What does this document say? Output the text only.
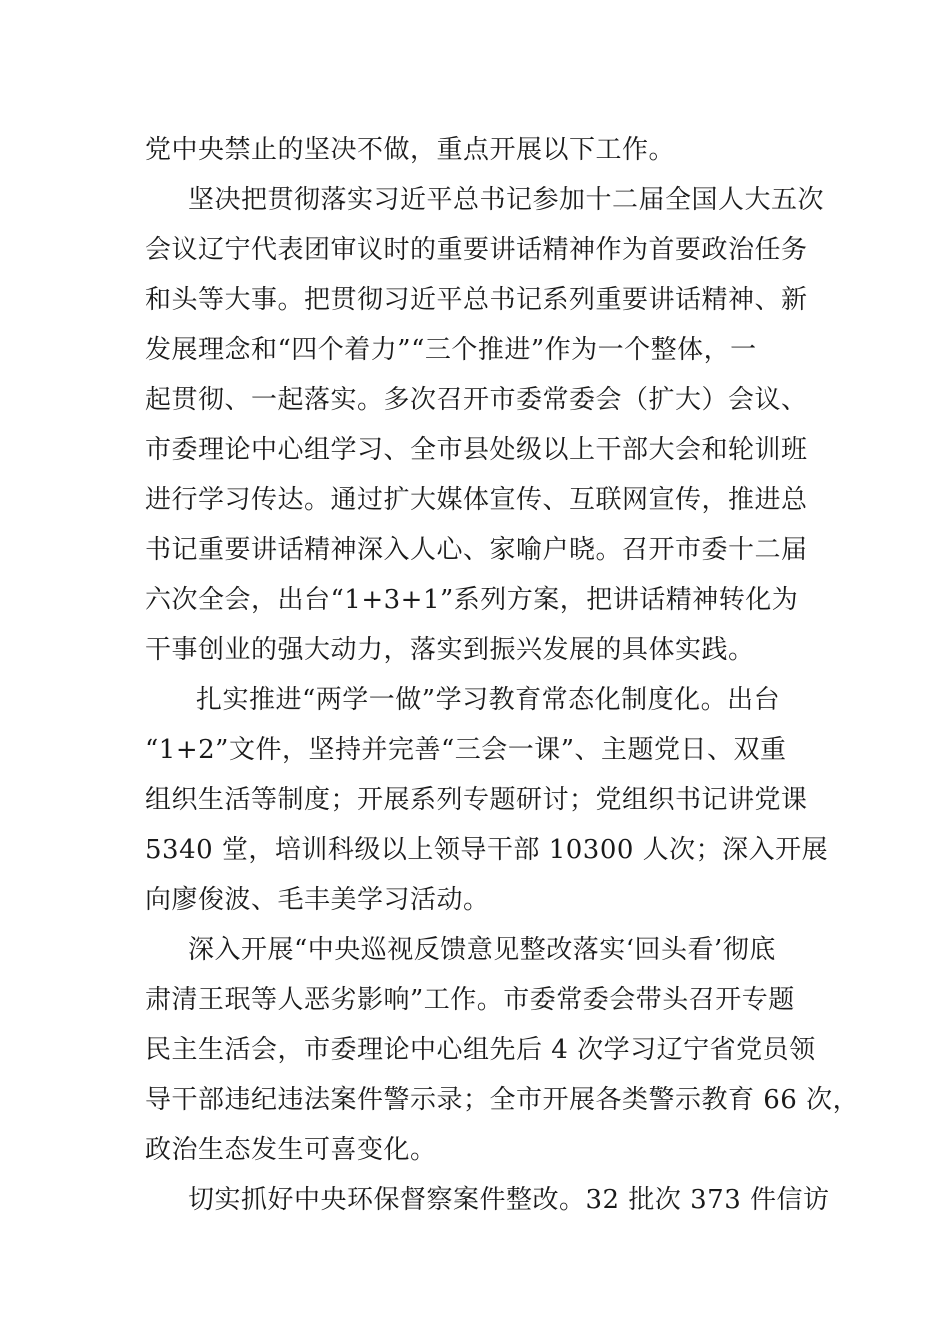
党中央禁止的坚决不做，重点开展以下工作。
坚决把贯彻落实习近平总书记参加十二届全国人大五次
会议辽宁代表团审议时的重要讲话精神作为首要政治任务
和头等大事。把贯彻习近平总书记系列重要讲话精神、新
发展理念和“四个着力”“三个推进”作为一个整体，一
起贯彻、一起落实。多次召开市委常委会（扩大）会议、
市委理论中心组学习、全市县处级以上干部大会和轮训班
进行学习传达。通过扩大媒体宣传、互联网宣传，推进总
书记重要讲话精神深入人心、家喻户晓。召开市委十二届
六次全会，出台“1+3+1”系列方案，把讲话精神转化为
干事创业的强大动力，落实到振兴发展的具体实践。
扎实推进“两学一做”学习教育常态化制度化。出台
“1+2”文件，坚持并完善“三会一课”、主题党日、双重
组织生活等制度；开展系列专题研讨；党组织书记讲党课
5340 堂，培训科级以上领导干部 10300 人次；深入开展
向廖俊波、毛丰美学习活动。
深入开展“中央巡视反馈意见整改落实‘回头看’彻底
肃清王珉等人恶劣影响”工作。市委常委会带头召开专题
民主生活会，市委理论中心组先后 4 次学习辽宁省党员领
导干部违纪违法案件警示录；全市开展各类警示教育 66 次，
政治生态发生可喜变化。
切实抓好中央环保督察案件整改。32 批次 373 件信访
